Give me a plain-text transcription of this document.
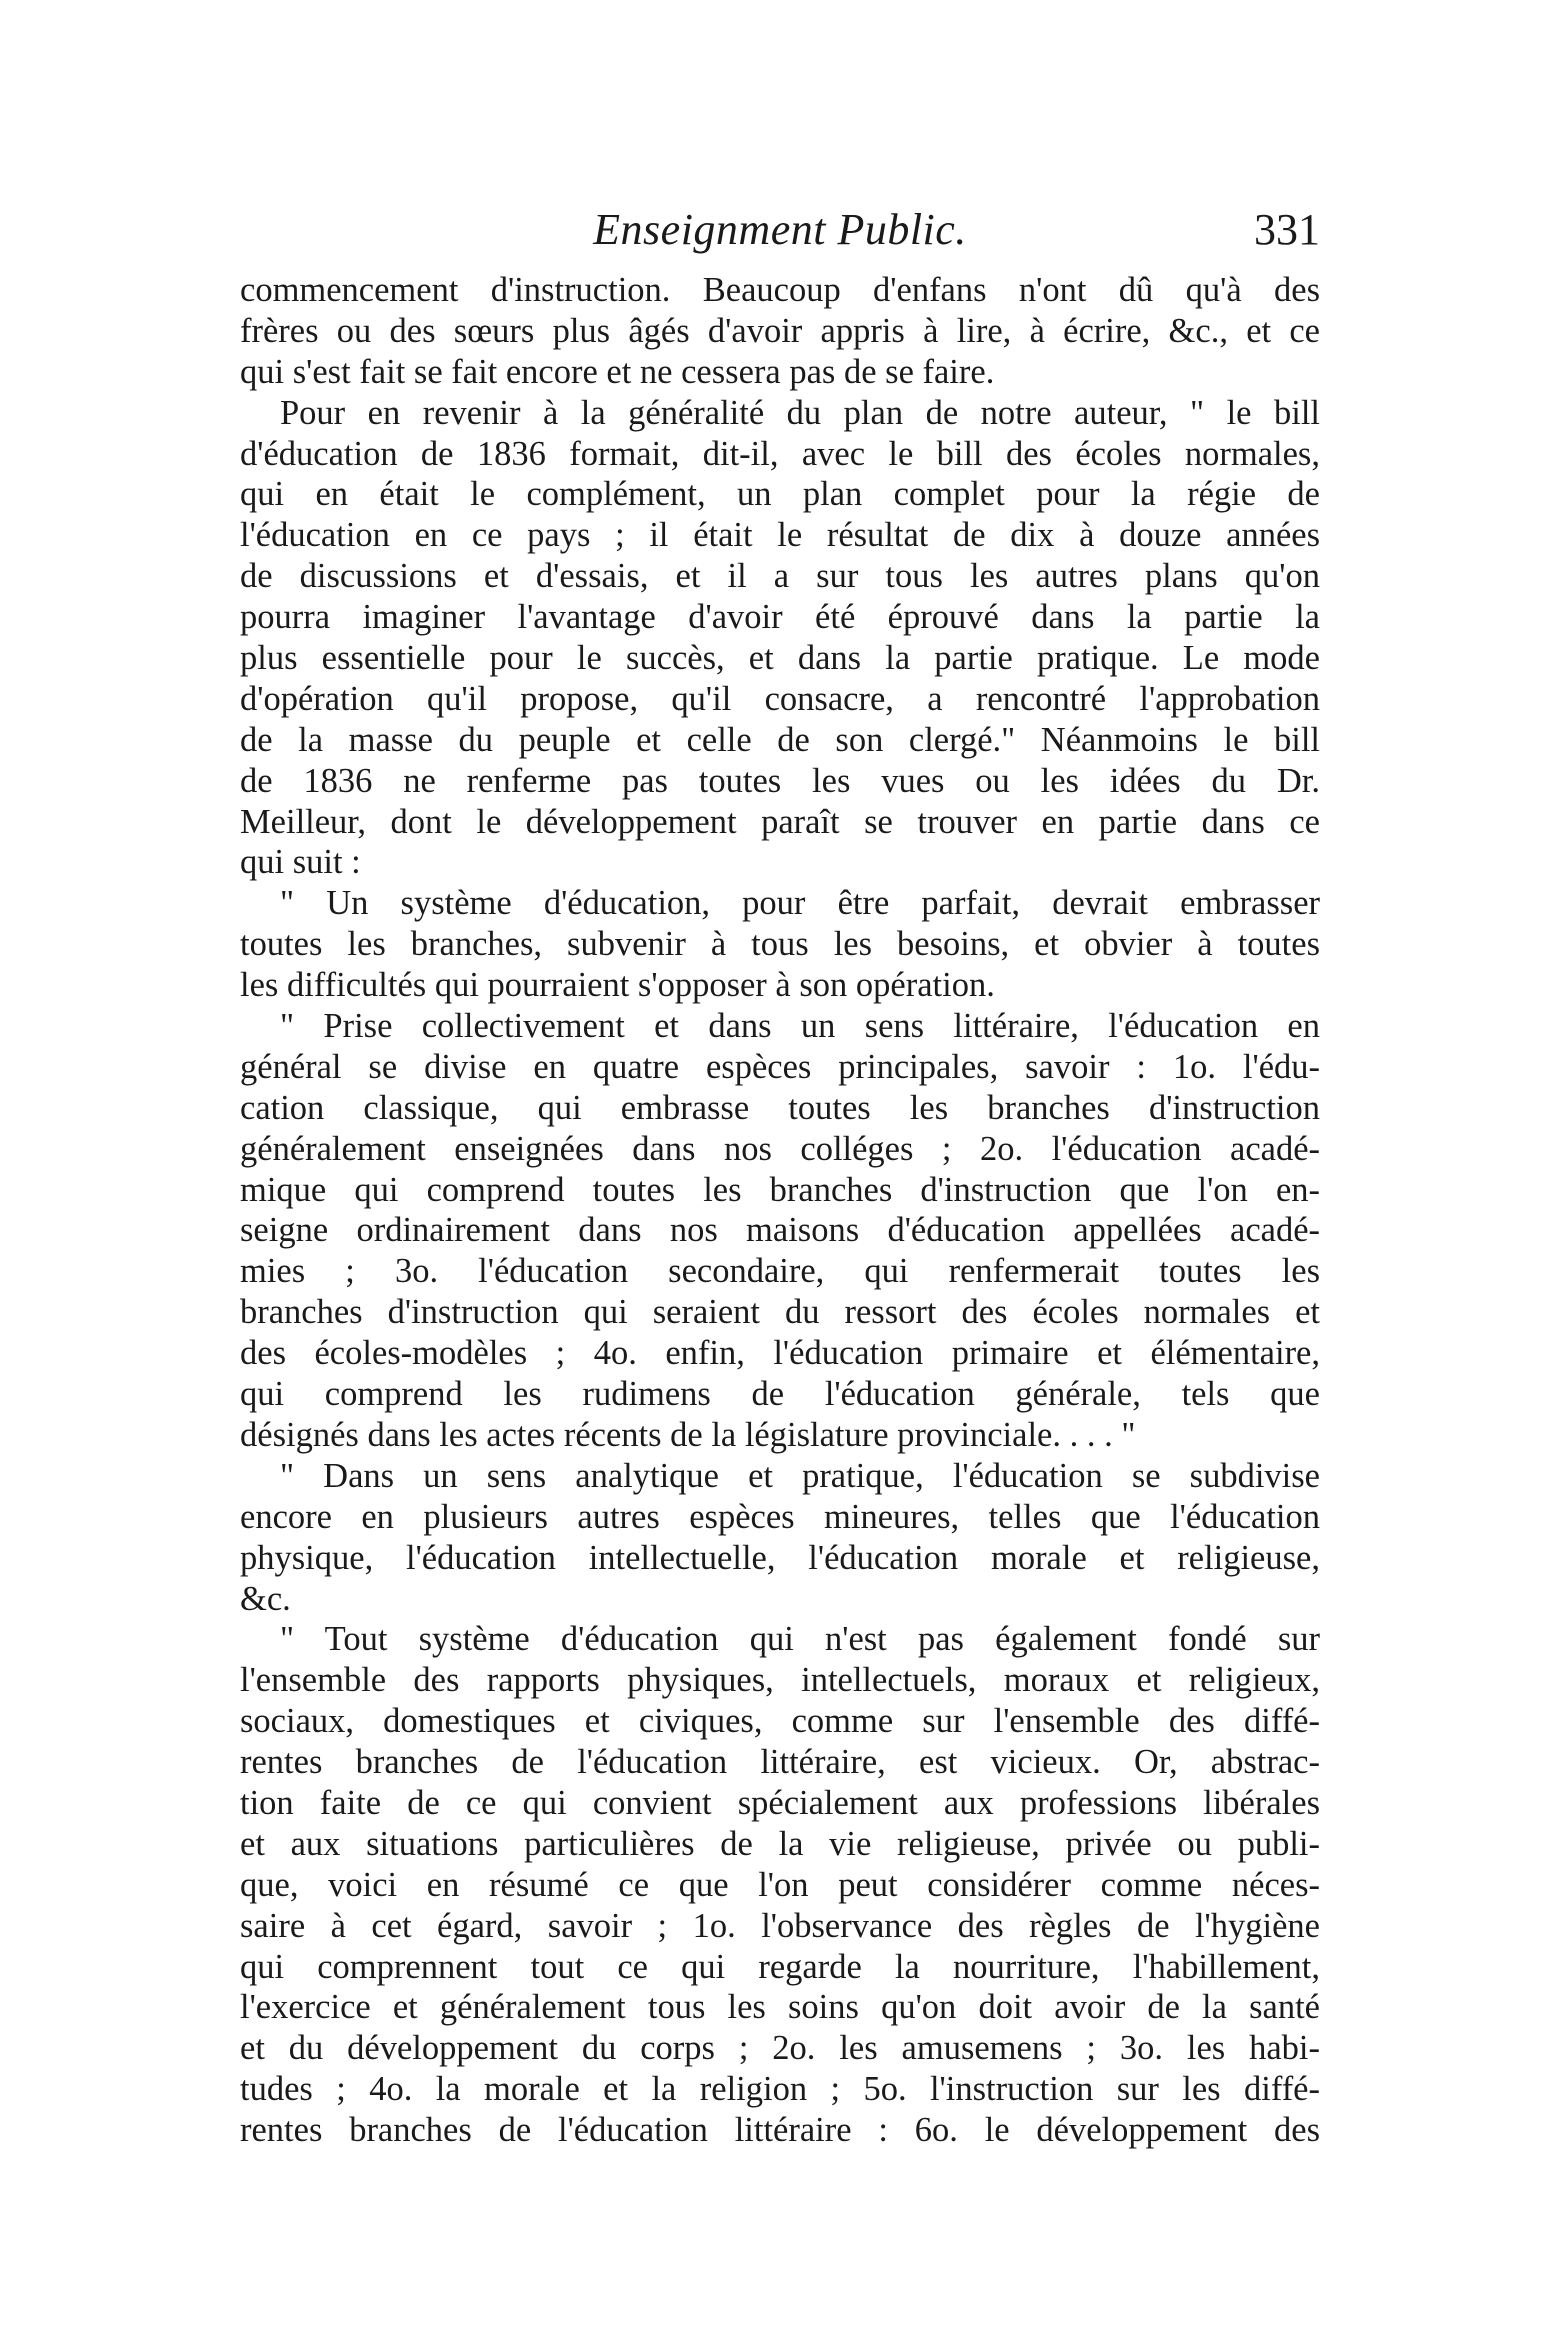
Enseignment Public.	331
commencement d'instruction. Beaucoup d'enfans n'ont dû qu'à des
frères ou des sœurs plus âgés d'avoir appris à lire, à écrire, &c., et ce
qui s'est fait se fait encore et ne cessera pas de se faire.
Pour en revenir à la généralité du plan de notre auteur, " le bill
d'éducation de 1836 formait, dit-il, avec le bill des écoles normales,
qui en était le complément, un plan complet pour la régie de
l'éducation en ce pays ; il était le résultat de dix à douze années
de discussions et d'essais, et il a sur tous les autres plans qu'on
pourra imaginer l'avantage d'avoir été éprouvé dans la partie la
plus essentielle pour le succès, et dans la partie pratique. Le mode
d'opération qu'il propose, qu'il consacre, a rencontré l'approbation
de la masse du peuple et celle de son clergé." Néanmoins le bill
de 1836 ne renferme pas toutes les vues ou les idées du Dr.
Meilleur, dont le développement paraît se trouver en partie dans ce
qui suit :
" Un système d'éducation, pour être parfait, devrait embrasser
toutes les branches, subvenir à tous les besoins, et obvier à toutes
les difficultés qui pourraient s'opposer à son opération.
" Prise collectivement et dans un sens littéraire, l'éducation en
général se divise en quatre espèces principales, savoir : 1o. l'édu-
cation classique, qui embrasse toutes les branches d'instruction
généralement enseignées dans nos colléges ; 2o. l'éducation acadé-
mique qui comprend toutes les branches d'instruction que l'on en-
seigne ordinairement dans nos maisons d'éducation appellées acadé-
mies ; 3o. l'éducation secondaire, qui renfermerait toutes les
branches d'instruction qui seraient du ressort des écoles normales et
des écoles-modèles ; 4o. enfin, l'éducation primaire et élémentaire,
qui comprend les rudimens de l'éducation générale, tels que
désignés dans les actes récents de la législature provinciale. . . . "
" Dans un sens analytique et pratique, l'éducation se subdivise
encore en plusieurs autres espèces mineures, telles que l'éducation
physique, l'éducation intellectuelle, l'éducation morale et religieuse,
&c.
" Tout système d'éducation qui n'est pas également fondé sur
l'ensemble des rapports physiques, intellectuels, moraux et religieux,
sociaux, domestiques et civiques, comme sur l'ensemble des diffé-
rentes branches de l'éducation littéraire, est vicieux. Or, abstrac-
tion faite de ce qui convient spécialement aux professions libérales
et aux situations particulières de la vie religieuse, privée ou publi-
que, voici en résumé ce que l'on peut considérer comme néces-
saire à cet égard, savoir ; 1o. l'observance des règles de l'hygiène
qui comprennent tout ce qui regarde la nourriture, l'habillement,
l'exercice et généralement tous les soins qu'on doit avoir de la santé
et du développement du corps ; 2o. les amusemens ; 3o. les habi-
tudes ; 4o. la morale et la religion ; 5o. l'instruction sur les diffé-
rentes branches de l'éducation littéraire : 6o. le développement des
